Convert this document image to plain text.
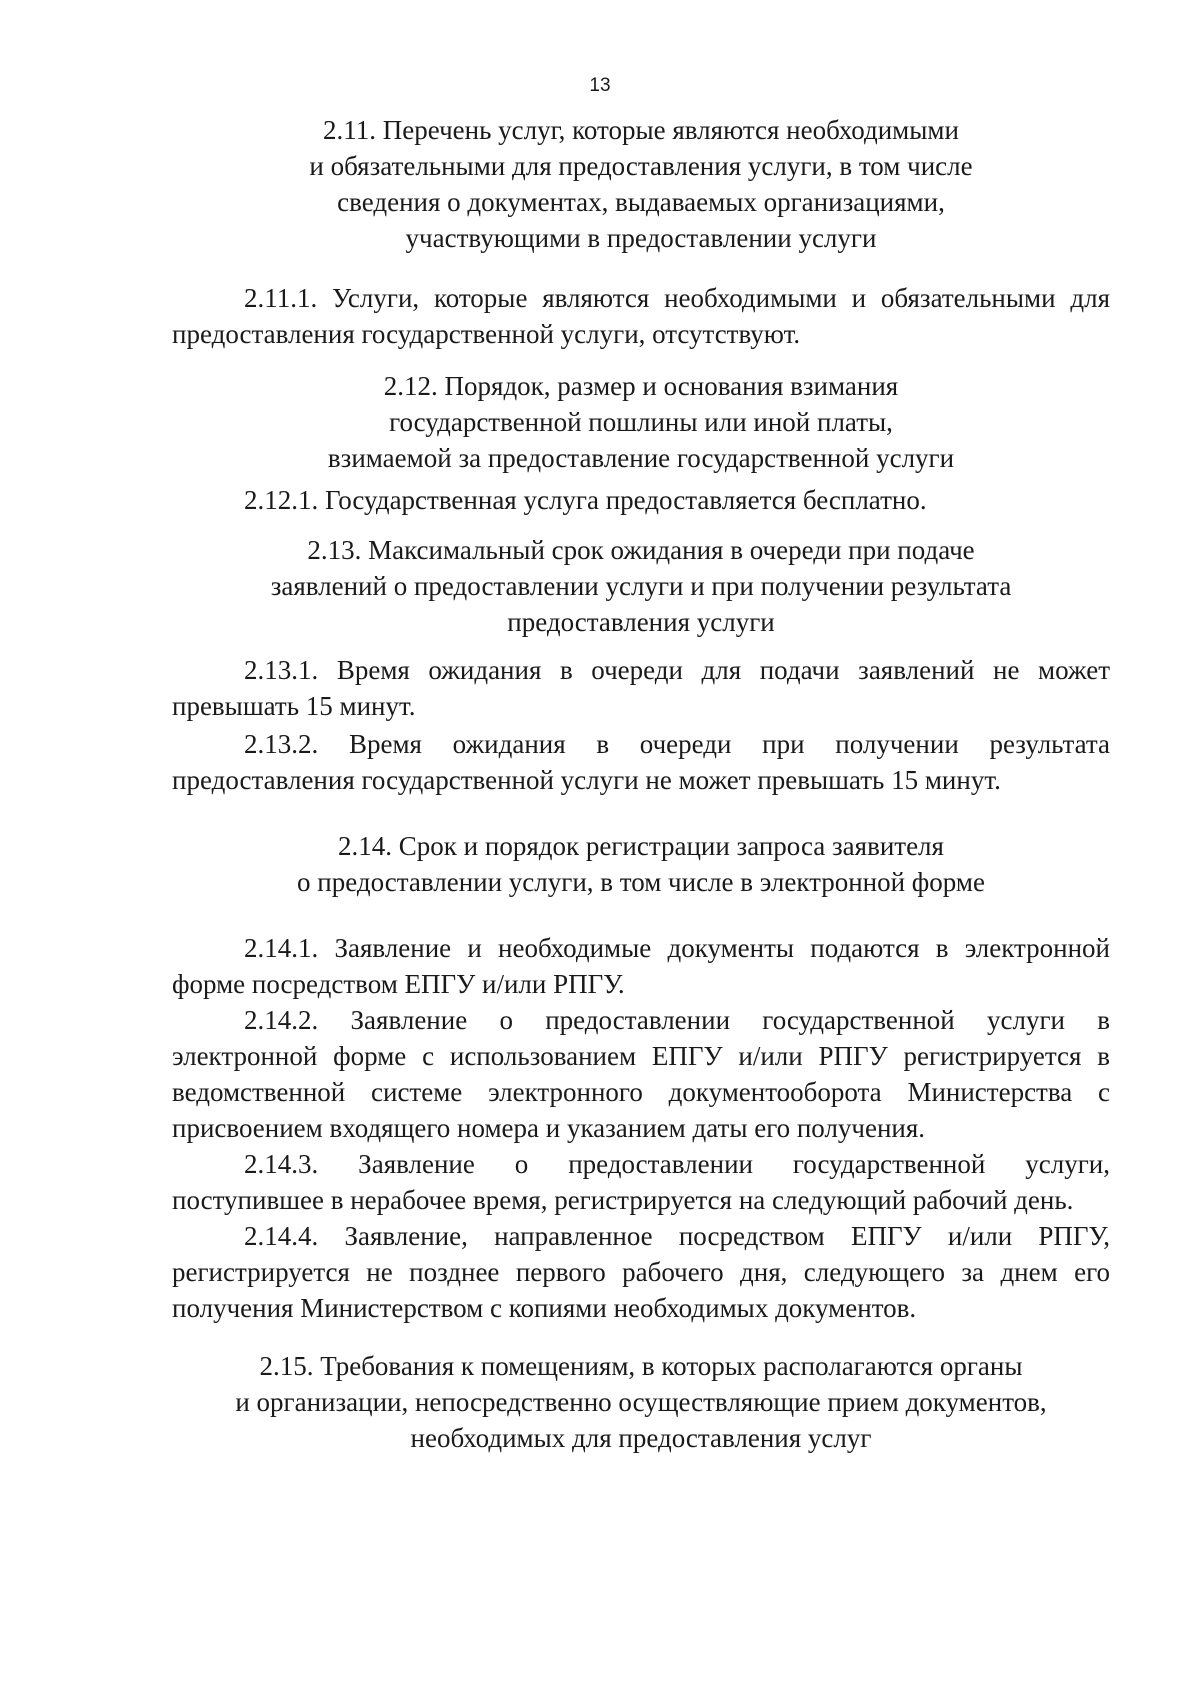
13
2.11. Перечень услуг, которые являются необходимыми
и обязательными для предоставления услуги, в том числе
сведения о документах, выдаваемых организациями,
участвующими в предоставлении услуги
2.11.1. Услуги, которые являются необходимыми и обязательными для
предоставления государственной услуги, отсутствуют.
2.12. Порядок, размер и основания взимания
государственной пошлины или иной платы,
взимаемой за предоставление государственной услуги
2.12.1. Государственная услуга предоставляется бесплатно.
2.13. Максимальный срок ожидания в очереди при подаче
заявлений о предоставлении услуги и при получении результата
предоставления услуги
2.13.1. Время ожидания в очереди для подачи заявлений не может
превышать 15 минут.
2.13.2. Время ожидания в очереди при получении результата
предоставления государственной услуги не может превышать 15 минут.
2.14. Срок и порядок регистрации запроса заявителя
о предоставлении услуги, в том числе в электронной форме
2.14.1. Заявление и необходимые документы подаются в электронной
форме посредством ЕПГУ и/или РПГУ.
2.14.2. Заявление о предоставлении государственной услуги в
электронной форме с использованием ЕПГУ и/или РПГУ регистрируется в
ведомственной системе электронного документооборота Министерства с
присвоением входящего номера и указанием даты его получения.
2.14.3. Заявление о предоставлении государственной услуги,
поступившее в нерабочее время, регистрируется на следующий рабочий день.
2.14.4. Заявление, направленное посредством ЕПГУ и/или РПГУ,
регистрируется не позднее первого рабочего дня, следующего за днем его
получения Министерством с копиями необходимых документов.
2.15. Требования к помещениям, в которых располагаются органы
и организации, непосредственно осуществляющие прием документов,
необходимых для предоставления услуг
